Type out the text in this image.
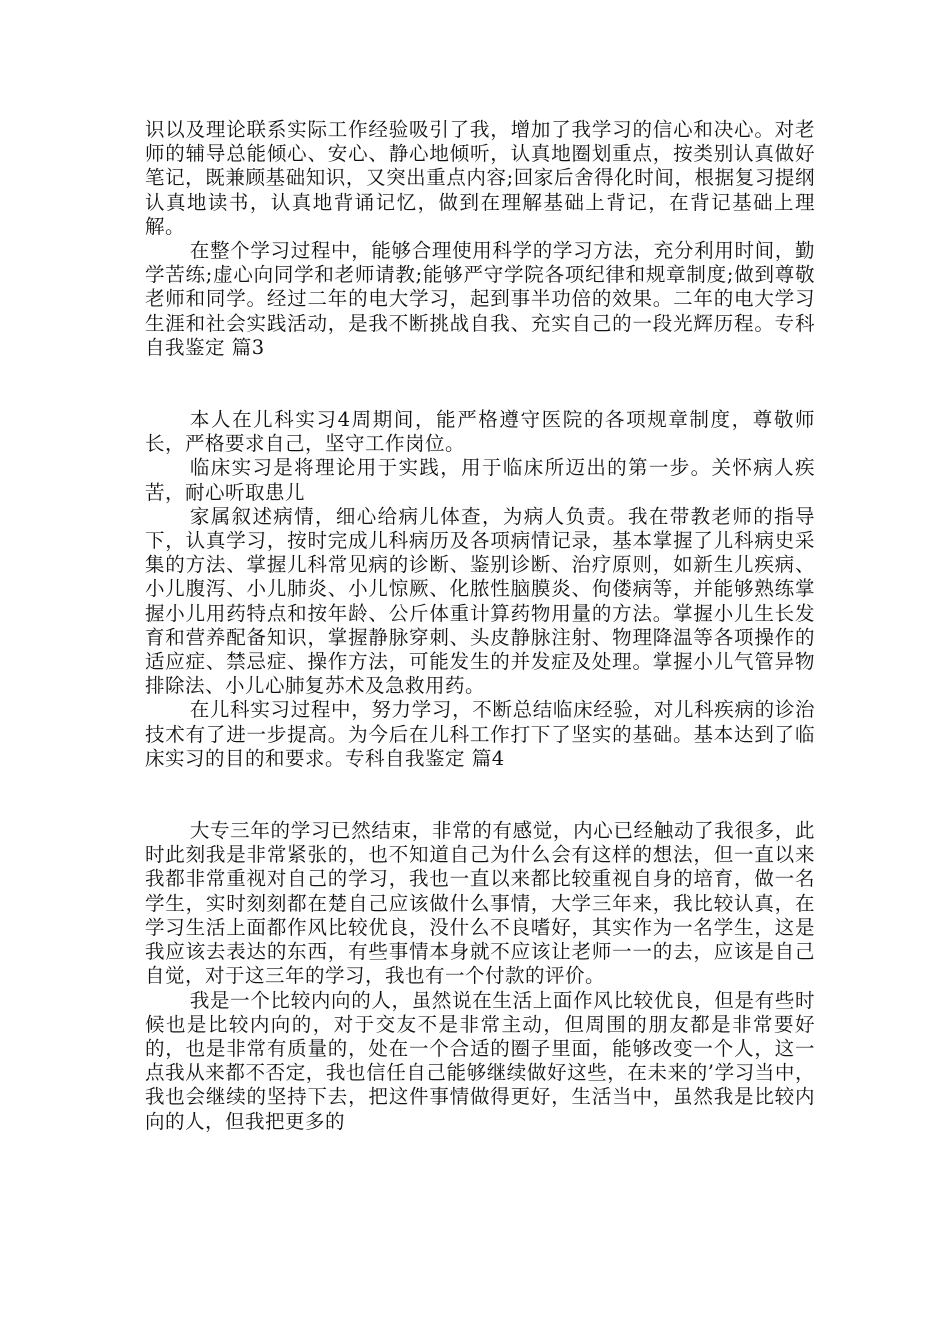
识以及理论联系实际工作经验吸引了我，增加了我学习的信心和决心。对老师的辅导总能倾心、安心、静心地倾听，认真地圈划重点，按类别认真做好笔记，既兼顾基础知识，又突出重点内容;回家后舍得化时间，根据复习提纲认真地读书，认真地背诵记忆，做到在理解基础上背记，在背记基础上理解。

在整个学习过程中，能够合理使用科学的学习方法，充分利用时间，勤学苦练;虚心向同学和老师请教;能够严守学院各项纪律和规章制度;做到尊敬老师和同学。经过二年的电大学习，起到事半功倍的效果。二年的电大学习生涯和社会实践活动，是我不断挑战自我、充实自己的一段光辉历程。专科自我鉴定 篇3

本人在儿科实习4周期间，能严格遵守医院的各项规章制度，尊敬师长，严格要求自己，坚守工作岗位。

临床实习是将理论用于实践，用于临床所迈出的第一步。关怀病人疾苦，耐心听取患儿

家属叙述病情，细心给病儿体查，为病人负责。我在带教老师的指导下，认真学习，按时完成儿科病历及各项病情记录，基本掌握了儿科病史采集的方法、掌握儿科常见病的诊断、鉴别诊断、治疗原则，如新生儿疾病、小儿腹泻、小儿肺炎、小儿惊厥、化脓性脑膜炎、佝偻病等，并能够熟练掌握小儿用药特点和按年龄、公斤体重计算药物用量的方法。掌握小儿生长发育和营养配备知识，掌握静脉穿刺、头皮静脉注射、物理降温等各项操作的适应症、禁忌症、操作方法，可能发生的并发症及处理。掌握小儿气管异物排除法、小儿心肺复苏术及急救用药。

在儿科实习过程中，努力学习，不断总结临床经验，对儿科疾病的诊治技术有了进一步提高。为今后在儿科工作打下了坚实的基础。基本达到了临床实习的目的和要求。专科自我鉴定 篇4

大专三年的学习已然结束，非常的有感觉，内心已经触动了我很多，此时此刻我是非常紧张的，也不知道自己为什么会有这样的想法，但一直以来我都非常重视对自己的学习，我也一直以来都比较重视自身的培育，做一名学生，实时刻刻都在楚自己应该做什么事情，大学三年来，我比较认真，在学习生活上面都作风比较优良，没什么不良嗜好，其实作为一名学生，这是我应该去表达的东西，有些事情本身就不应该让老师一一的去，应该是自己自觉，对于这三年的学习，我也有一个付款的评价。

我是一个比较内向的人，虽然说在生活上面作风比较优良，但是有些时候也是比较内向的，对于交友不是非常主动，但周围的朋友都是非常要好的，也是非常有质量的，处在一个合适的圈子里面，能够改变一个人，这一点我从来都不否定，我也信任自己能够继续做好这些，在未来的’学习当中，我也会继续的坚持下去，把这件事情做得更好，生活当中，虽然我是比较内向的人，但我把更多的
